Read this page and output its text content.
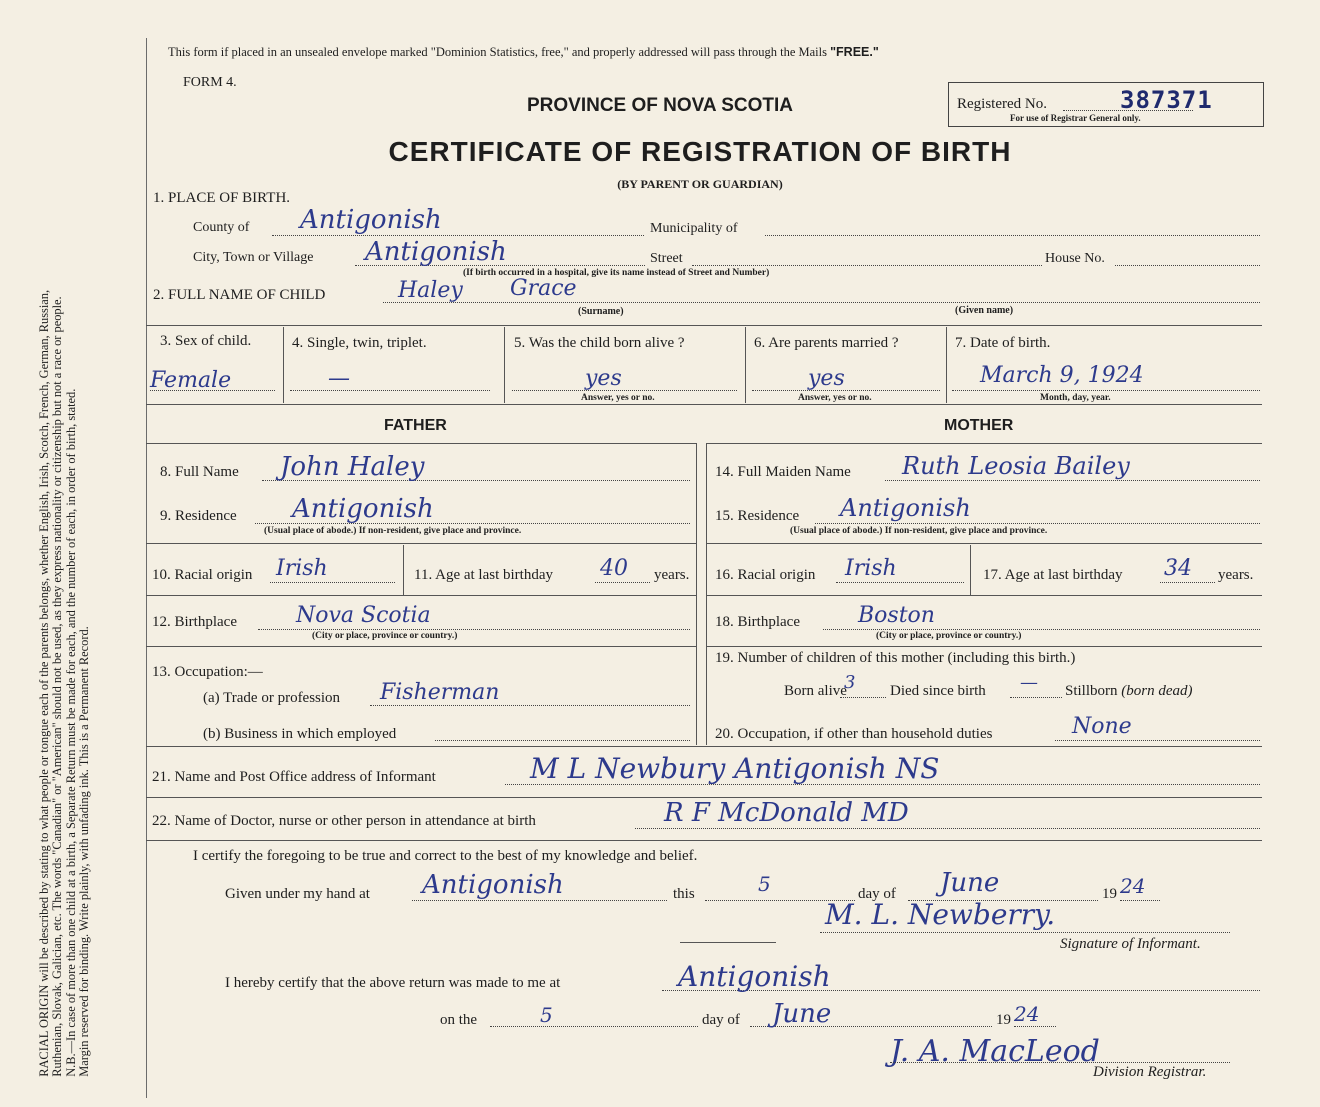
RACIAL ORIGIN will be described by stating to what people or tongue each of the parents belongs, whether English, Irish, Scotch, French, German, Russian, Ruthenian, Slovak, Galician, etc. The words "Canadian" or "American" should not be used, as they express nationality or citizenship but not a race or people. N.B.—In case of more than one child at a birth, a Separate Return must be made for each, and the number of each, in order of birth, stated. Margin reserved for binding. Write plainly, with unfading ink. This is a Permanent Record.
This form if placed in an unsealed envelope marked "Dominion Statistics, free," and properly addressed will pass through the Mails "FREE."
FORM 4.
PROVINCE OF NOVA SCOTIA
CERTIFICATE OF REGISTRATION OF BIRTH
(BY PARENT OR GUARDIAN)
Registered No.	387371
For use of Registrar General only.
1. PLACE OF BIRTH.
County of Antigonish	Municipality of
City, Town or Village Antigonish	Street	House No.
(If birth occurred in a hospital, give its name instead of Street and Number)
2. FULL NAME OF CHILD	Haley Grace
(Surname)	(Given name)
3. Sex of child.
Female
4. Single, twin, triplet.
—
5. Was the child born alive ?
yes
Answer, yes or no.
6. Are parents married ?
yes
Answer, yes or no.
7. Date of birth.
March 9, 1924
Month, day, year.
FATHER	MOTHER
8. Full Name John Haley
9. Residence Antigonish
(Usual place of abode.) If non-resident, give place and province.
10. Racial origin Irish	11. Age at last birthday 40 years.
12. Birthplace	Nova Scotia
(City or place, province or country.)
13. Occupation:—
(a) Trade or profession Fisherman
(b) Business in which employed
14. Full Maiden Name Ruth Leosia Bailey
15. Residence Antigonish
(Usual place of abode.) If non-resident, give place and province.
16. Racial origin Irish	17. Age at last birthday 34 years.
18. Birthplace	Boston
(City or place, province or country.)
19. Number of children of this mother (including this birth.)
Born alive
3 Died since birth — Stillborn (born dead)
20. Occupation, if other than household duties	None
21. Name and Post Office address of Informant	M L Newbury Antigonish NS
22. Name of Doctor, nurse or other person in attendance at birth	R F McDonald MD
I certify the foregoing to be true and correct to the best of my knowledge and belief.
Given under my hand at Antigonish	this	5	day of June	19 24
M. L. Newberry.
Signature of Informant.
I hereby certify that the above return was made to me at	Antigonish
on the	5	day of June	19 24
J. A. MacLeod
Division Registrar.
